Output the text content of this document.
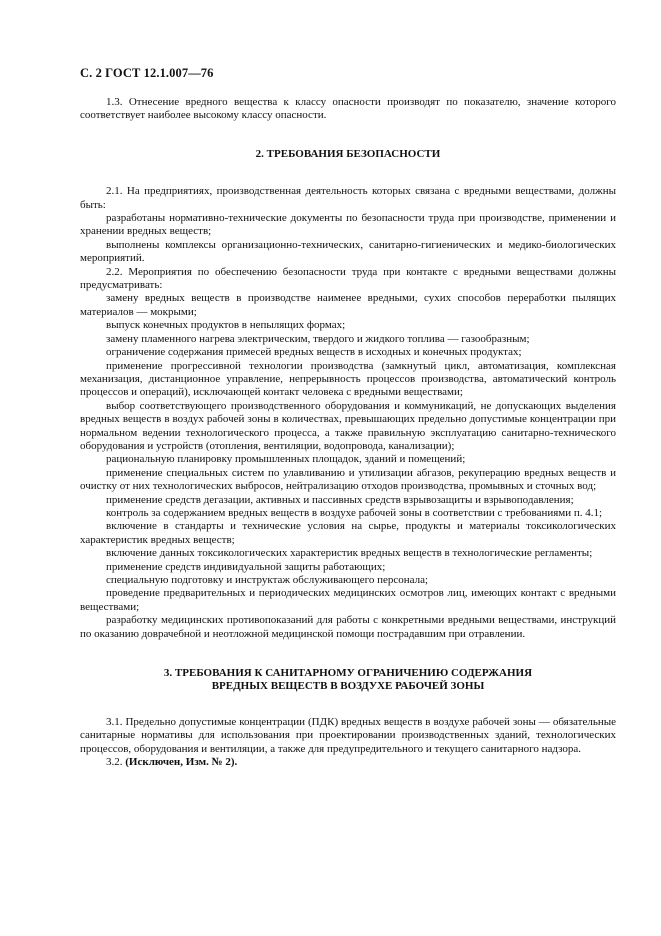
С. 2 ГОСТ 12.1.007—76

1.3. Отнесение вредного вещества к классу опасности производят по показателю, значение которого соответствует наиболее высокому классу опасности.

2. ТРЕБОВАНИЯ БЕЗОПАСНОСТИ

2.1. На предприятиях, производственная деятельность которых связана с вредными веществами, должны быть:

разработаны нормативно-технические документы по безопасности труда при производстве, применении и хранении вредных веществ;

выполнены комплексы организационно-технических, санитарно-гигиенических и медико-биологических мероприятий.

2.2. Мероприятия по обеспечению безопасности труда при контакте с вредными веществами должны предусматривать:

замену вредных веществ в производстве наименее вредными, сухих способов переработки пылящих материалов — мокрыми;

выпуск конечных продуктов в непылящих формах;

замену пламенного нагрева электрическим, твердого и жидкого топлива — газообразным;

ограничение содержания примесей вредных веществ в исходных и конечных продуктах;

применение прогрессивной технологии производства (замкнутый цикл, автоматизация, комплексная механизация, дистанционное управление, непрерывность процессов производства, автоматический контроль процессов и операций), исключающей контакт человека с вредными веществами;

выбор соответствующего производственного оборудования и коммуникаций, не допускающих выделения вредных веществ в воздух рабочей зоны в количествах, превышающих предельно допустимые концентрации при нормальном ведении технологического процесса, а также правильную эксплуатацию санитарно-технического оборудования и устройств (отопления, вентиляции, водопровода, канализации);

рациональную планировку промышленных площадок, зданий и помещений;

применение специальных систем по улавливанию и утилизации абгазов, рекуперацию вредных веществ и очистку от них технологических выбросов, нейтрализацию отходов производства, промывных и сточных вод;

применение средств дегазации, активных и пассивных средств взрывозащиты и взрывоподавления;

контроль за содержанием вредных веществ в воздухе рабочей зоны в соответствии с требованиями п. 4.1;

включение в стандарты и технические условия на сырье, продукты и материалы токсикологических характеристик вредных веществ;

включение данных токсикологических характеристик вредных веществ в технологические регламенты;

применение средств индивидуальной защиты работающих;

специальную подготовку и инструктаж обслуживающего персонала;

проведение предварительных и периодических медицинских осмотров лиц, имеющих контакт с вредными веществами;

разработку медицинских противопоказаний для работы с конкретными вредными веществами, инструкций по оказанию доврачебной и неотложной медицинской помощи пострадавшим при отравлении.

3. ТРЕБОВАНИЯ К САНИТАРНОМУ ОГРАНИЧЕНИЮ СОДЕРЖАНИЯ
ВРЕДНЫХ ВЕЩЕСТВ В ВОЗДУХЕ РАБОЧЕЙ ЗОНЫ

3.1. Предельно допустимые концентрации (ПДК) вредных веществ в воздухе рабочей зоны — обязательные санитарные нормативы для использования при проектировании производственных зданий, технологических процессов, оборудования и вентиляции, а также для предупредительного и текущего санитарного надзора.

3.2. (Исключен, Изм. № 2).
